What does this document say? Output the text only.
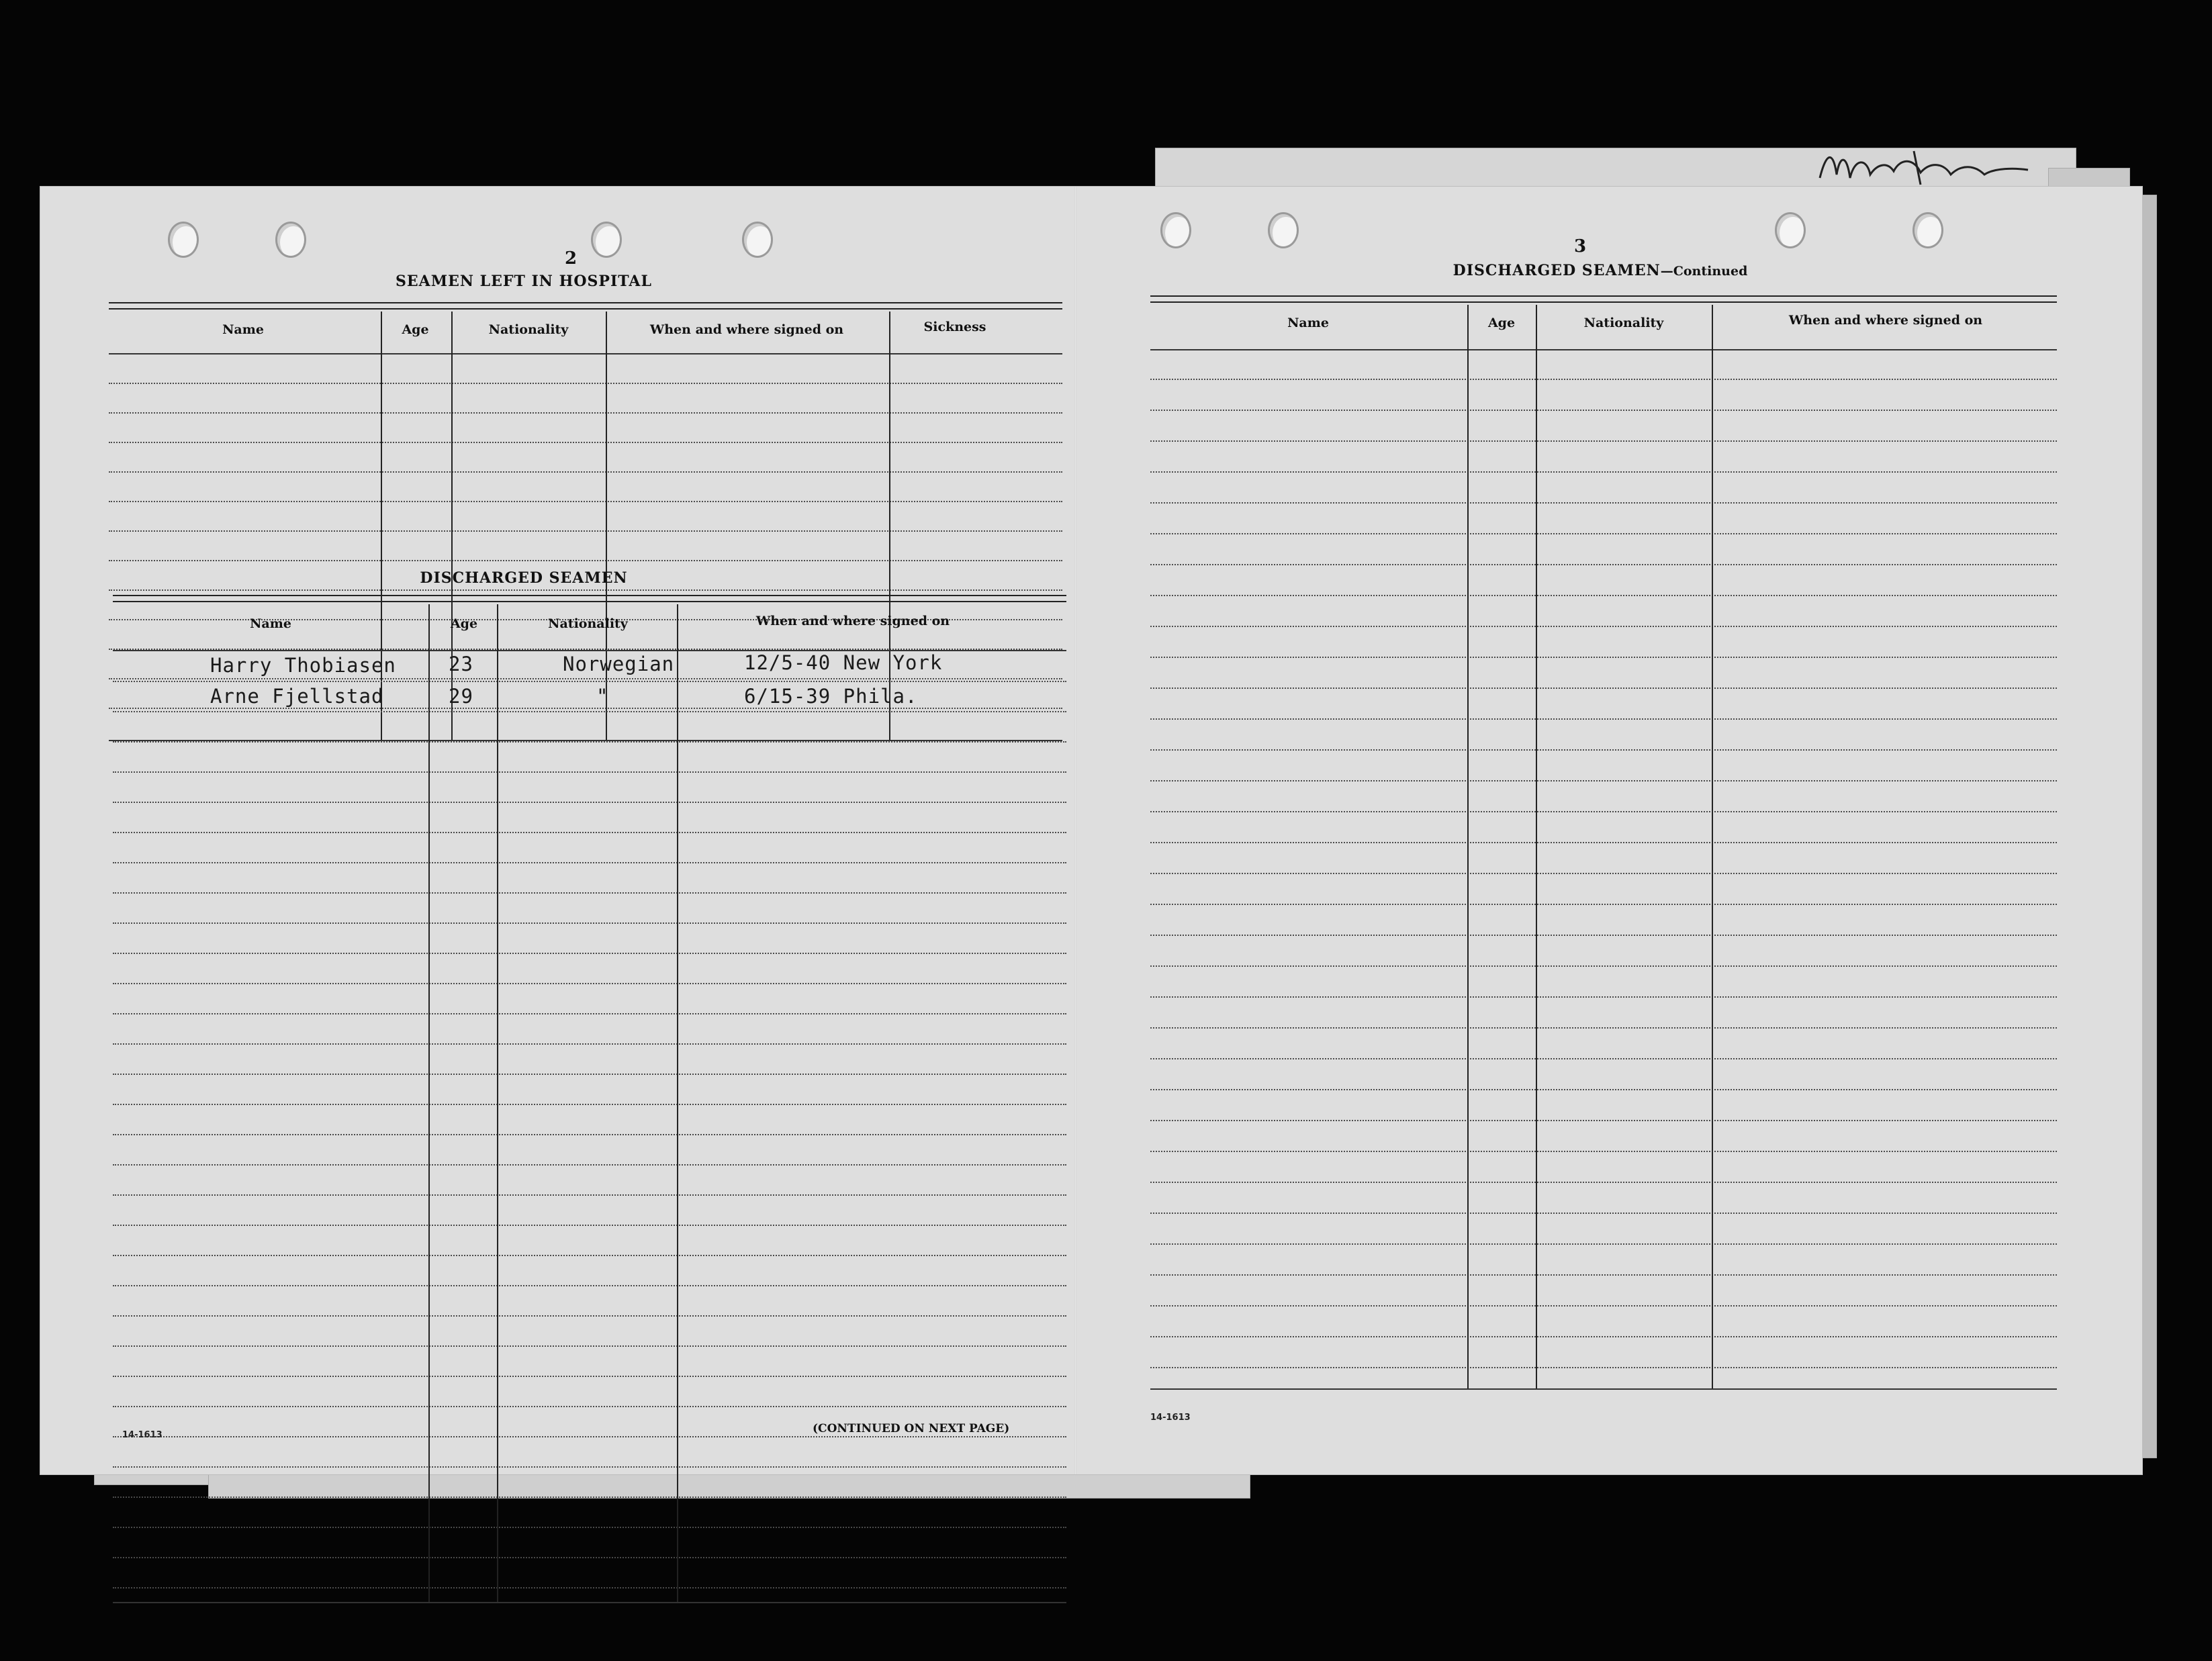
2
SEAMEN LEFT IN HOSPITAL
Name	Age	Nationality	When and where signed on	Sickness
DISCHARGED SEAMEN
Name	Age	Nationality	When and where signed on
Harry Thobiasen	23	Norwegian	12/5-40 New York
Arne Fjellstad	29	"	6/15-39 Phila.
14-1613	(CONTINUED ON NEXT PAGE)
3
DISCHARGED SEAMEN—Continued
Name	Age	Nationality	When and where signed on
14-1613
